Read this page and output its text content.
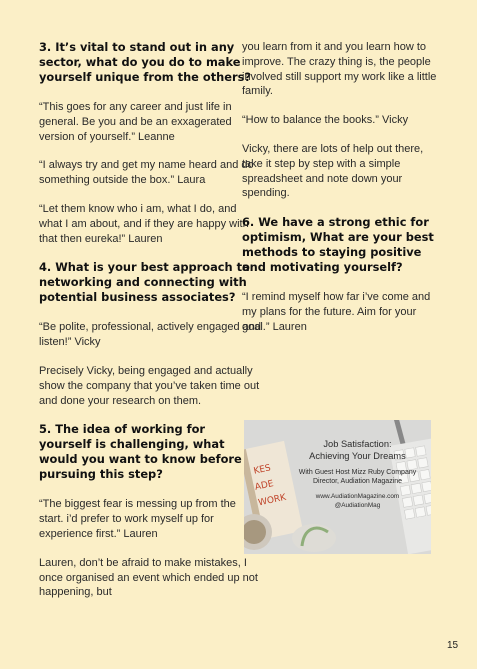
3. It’s vital to stand out in any sector, what do you do to make yourself unique from the others?

“This goes for any career and just life in general. Be you and be an exxagerated version of yourself.” Leanne

“I always try and get my name heard and do something outside the box.” Laura

“Let them know who i am, what I do, and what I am about, and if they are happy with that then eureka!” Lauren

4. What is your best approach to networking and connecting with potential business associates?

“Be polite, professional, actively engaged and listen!” Vicky

Precisely Vicky, being engaged and actually show the company that you’ve taken time out and done your research on them.

5. The idea of working for yourself is challenging, what would you want to know before pursuing this step?

“The biggest fear is messing up from the start. i’d prefer to work myself up for experience first.” Lauren

Lauren, don’t be afraid to make mistakes, I once organised an event which ended up not happening, but

you learn from it and you learn how to improve. The crazy thing is, the people involved still support my work like a little family.

“How to balance the books.” Vicky

Vicky, there are lots of help out there, take it step by step with a simple spreadsheet and note down your spending.

6. We have a strong ethic for optimism, What are your best methods to staying positive and motivating yourself?

“I remind myself how far i’ve come and my plans for the future. Aim for your goal.” Lauren

KES
ADE
WORK
Job Satisfaction:
Achieving Your Dreams
With Guest Host Mizz Ruby Company Director, Audiation Magazine
www.AudiationMagazine.com
@AudiationMag
15
